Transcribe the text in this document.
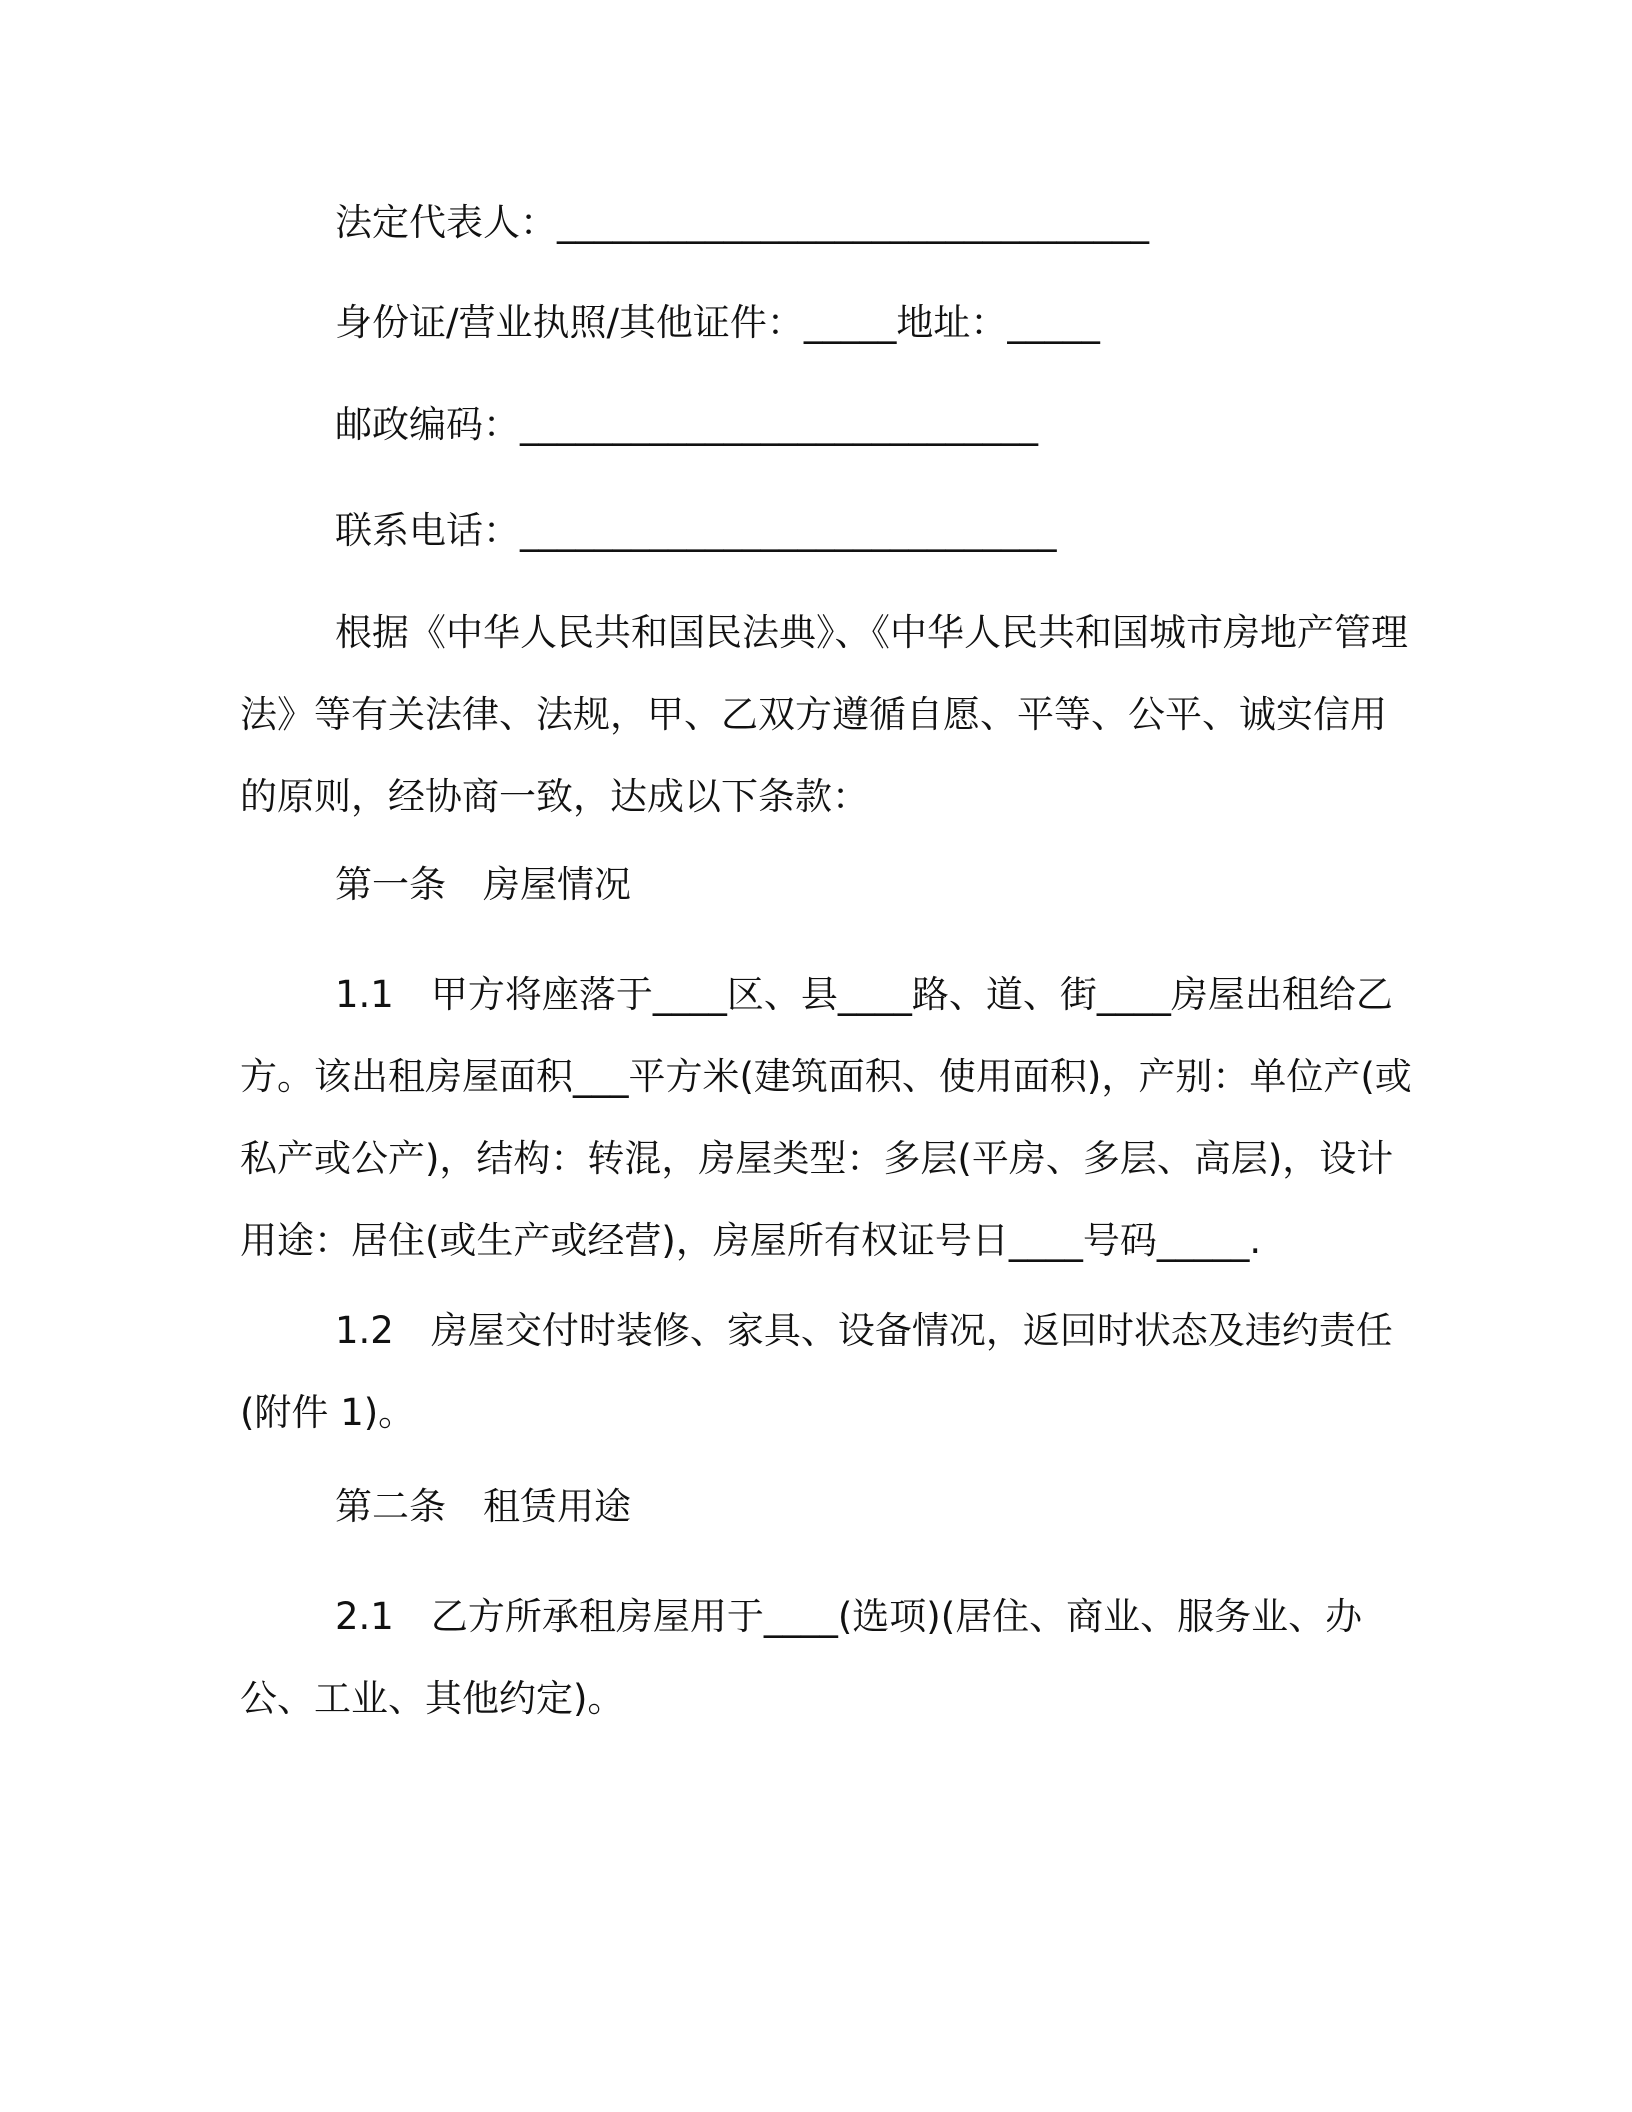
法定代表人：________________________________
身份证/营业执照/其他证件：_____地址：_____
邮政编码：____________________________
联系电话：_____________________________
根据《中华人民共和国民法典》、《中华人民共和国城市房地产管理法》等有关法律、法规，甲、乙双方遵循自愿、平等、公平、诚实信用的原则，经协商一致，达成以下条款：
第一条　房屋情况
1.1　甲方将座落于____区、县____路、道、街____房屋出租给乙方。该出租房屋面积___平方米(建筑面积、使用面积)，产别：单位产(或私产或公产)，结构：转混，房屋类型：多层(平房、多层、高层)，设计用途：居住(或生产或经营)，房屋所有权证号日____号码_____.
1.2　房屋交付时装修、家具、设备情况，返回时状态及违约责任(附件 1)。
第二条　租赁用途
2.1　乙方所承租房屋用于____(选项)(居住、商业、服务业、办公、工业、其他约定)。
